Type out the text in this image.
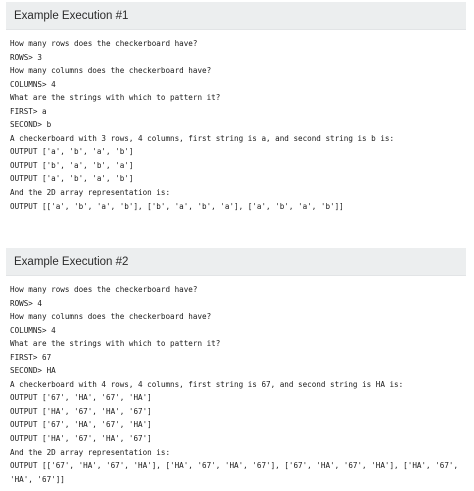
Example Execution #1
How many rows does the checkerboard have?
ROWS> 3
How many columns does the checkerboard have?
COLUMNS> 4
What are the strings with which to pattern it?
FIRST> a
SECOND> b
A checkerboard with 3 rows, 4 columns, first string is a, and second string is b is:
OUTPUT ['a', 'b', 'a', 'b']
OUTPUT ['b', 'a', 'b', 'a']
OUTPUT ['a', 'b', 'a', 'b']
And the 2D array representation is:
OUTPUT [['a', 'b', 'a', 'b'], ['b', 'a', 'b', 'a'], ['a', 'b', 'a', 'b']]
Example Execution #2
How many rows does the checkerboard have?
ROWS> 4
How many columns does the checkerboard have?
COLUMNS> 4
What are the strings with which to pattern it?
FIRST> 67
SECOND> HA
A checkerboard with 4 rows, 4 columns, first string is 67, and second string is HA is:
OUTPUT ['67', 'HA', '67', 'HA']
OUTPUT ['HA', '67', 'HA', '67']
OUTPUT ['67', 'HA', '67', 'HA']
OUTPUT ['HA', '67', 'HA', '67']
And the 2D array representation is:
OUTPUT [['67', 'HA', '67', 'HA'], ['HA', '67', 'HA', '67'], ['67', 'HA', '67', 'HA'], ['HA', '67', 'HA', '67']]
